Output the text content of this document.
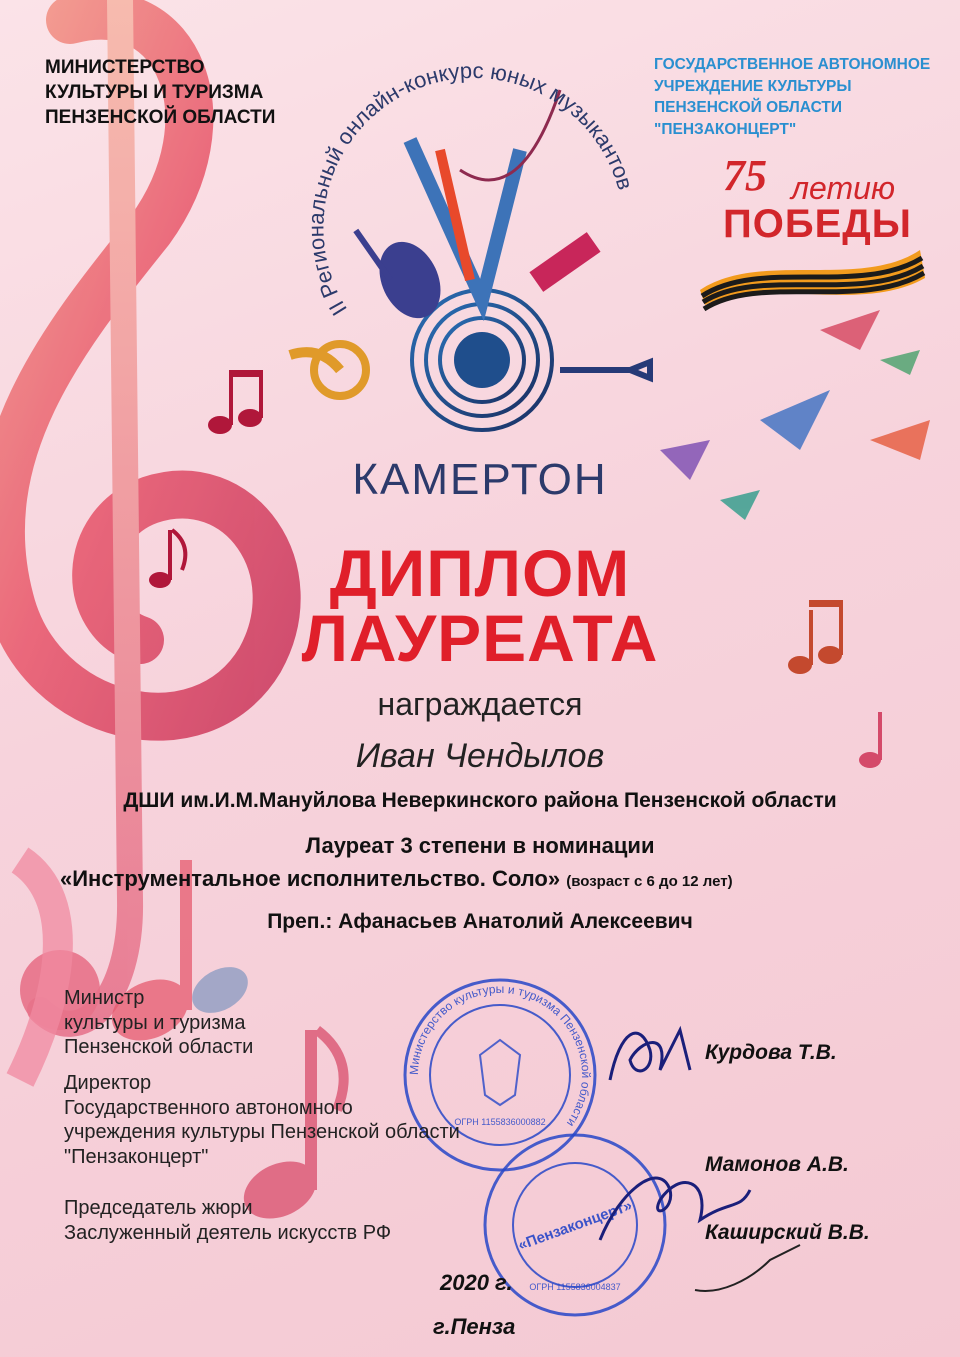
МИНИСТЕРСТВО
КУЛЬТУРЫ И ТУРИЗМА
ПЕНЗЕНСКОЙ ОБЛАСТИ
ГОСУДАРСТВЕННОЕ АВТОНОМНОЕ
УЧРЕЖДЕНИЕ КУЛЬТУРЫ
ПЕНЗЕНСКОЙ ОБЛАСТИ
"ПЕНЗАКОНЦЕРТ"
75 летию
ПОБЕДЫ
II Региональный онлайн-конкурс юных музыкантов
КАМЕРТОН
ДИПЛОМ
ЛАУРЕАТА
награждается
Иван Чендылов
ДШИ им.И.М.Мануйлова Неверкинского района Пензенской области
Лауреат 3 степени в номинации
«Инструментальное исполнительство. Соло» (возраст с 6 до 12 лет)
Преп.: Афанасьев Анатолий Алексеевич
Министерство культуры и туризма Пензенской области
ОГРН 1155836000882
«Пензаконцерт»
ОГРН 1155836004837
Министр
культуры и туризма
Пензенской области	Курдова Т.В.
Директор
Государственного автономного
учреждения культуры Пензенской области
"Пензаконцерт"	Мамонов А.В.
Председатель жюри
Заслуженный деятель искусств РФ	Каширский В.В.
2020 г.
г.Пенза
